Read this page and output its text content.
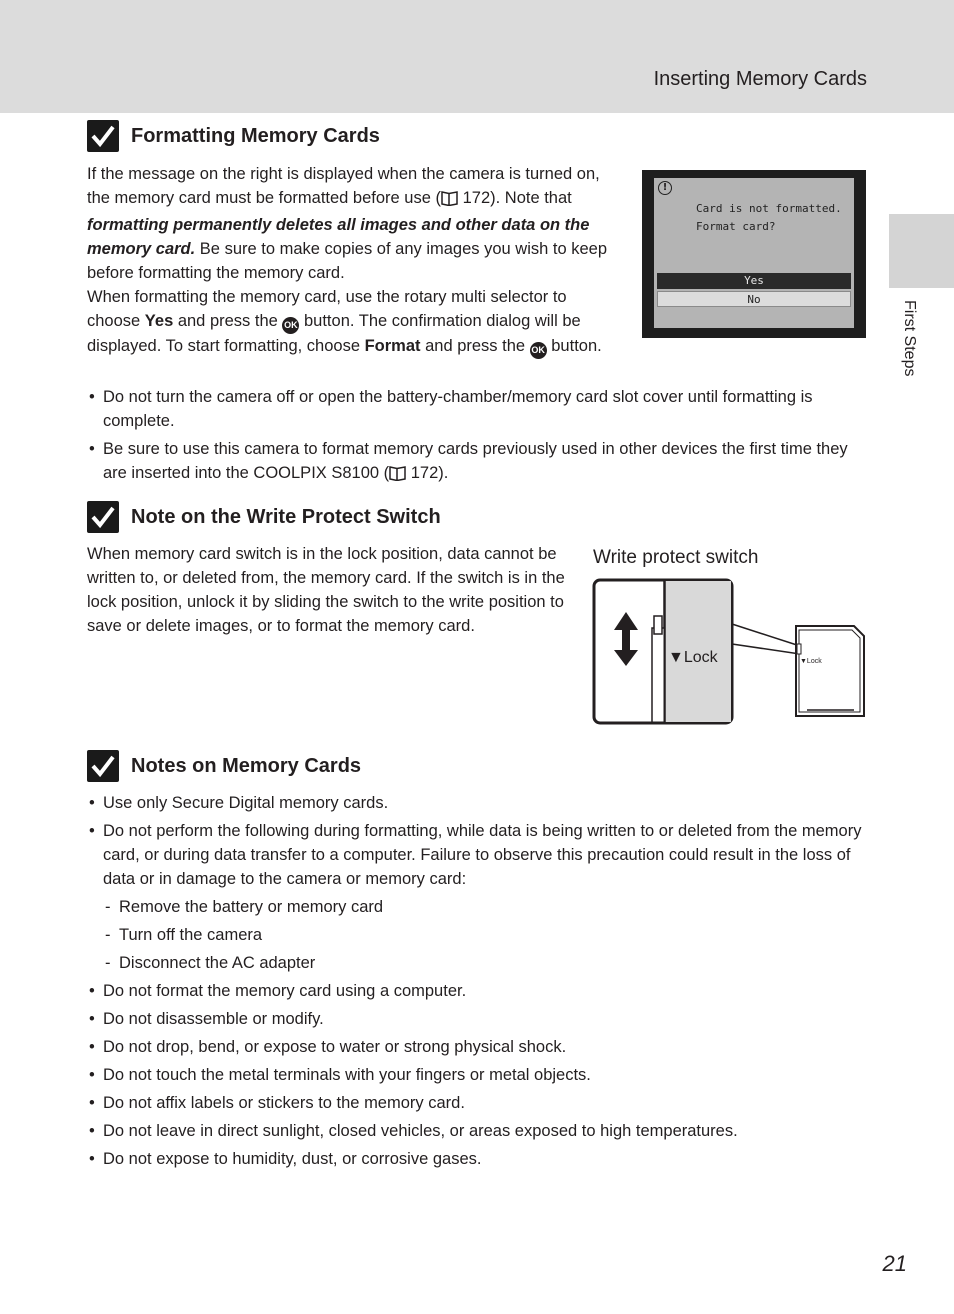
Inserting Memory Cards
First Steps
Formatting Memory Cards

If the message on the right is displayed when the camera is turned on, the memory card must be formatted before use ( 172). Note that formatting permanently deletes all images and other data on the memory card. Be sure to make copies of any images you wish to keep before formatting the memory card.

When formatting the memory card, use the rotary multi selector to choose Yes and press the OK button. The confirmation dialog will be displayed. To start formatting, choose Format and press the OK button.

!
Card is not formatted.
Format card?
Yes
No
• Do not turn the camera off or open the battery-chamber/memory card slot cover until formatting is complete.
• Be sure to use this camera to format memory cards previously used in other devices the first time they are inserted into the COOLPIX S8100 ( 172).
Note on the Write Protect Switch

When memory card switch is in the lock position, data cannot be written to, or deleted from, the memory card. If the switch is in the lock position, unlock it by sliding the switch to the write position to save or delete images, or to format the memory card.

Write protect switch
▼Lock	▼Lock
Notes on Memory Cards
• Use only Secure Digital memory cards.
• Do not perform the following during formatting, while data is being written to or deleted from the memory card, or during data transfer to a computer. Failure to observe this precaution could result in the loss of data or in damage to the camera or memory card:
- Remove the battery or memory card
- Turn off the camera
- Disconnect the AC adapter
• Do not format the memory card using a computer.
• Do not disassemble or modify.
• Do not drop, bend, or expose to water or strong physical shock.
• Do not touch the metal terminals with your fingers or metal objects.
• Do not affix labels or stickers to the memory card.
• Do not leave in direct sunlight, closed vehicles, or areas exposed to high temperatures.
• Do not expose to humidity, dust, or corrosive gases.
21
